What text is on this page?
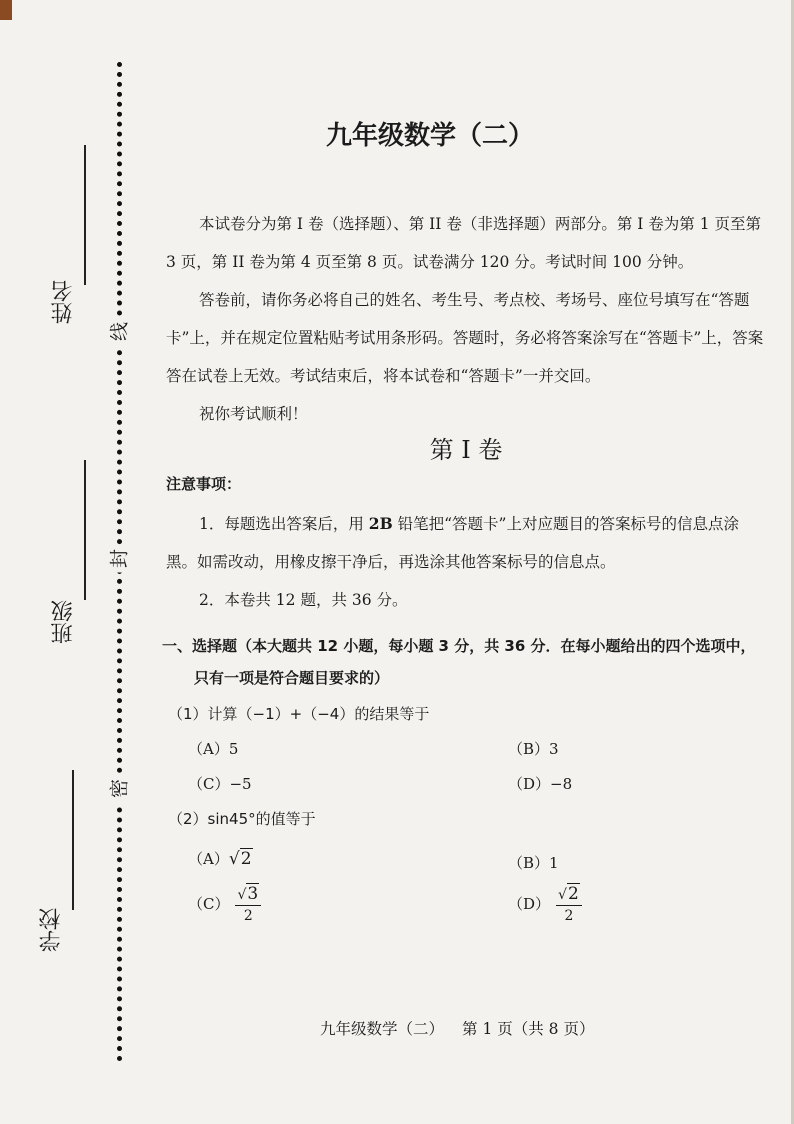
姓名
班级
学校
线
封
密
九年级数学（二）

本试卷分为第 I 卷（选择题）、第 II 卷（非选择题）两部分。第 I 卷为第 1 页至第 3 页，第 II 卷为第 4 页至第 8 页。试卷满分 120 分。考试时间 100 分钟。

答卷前，请你务必将自己的姓名、考生号、考点校、考场号、座位号填写在“答题卡”上，并在规定位置粘贴考试用条形码。答题时，务必将答案涂写在“答题卡”上，答案答在试卷上无效。考试结束后，将本试卷和“答题卡”一并交回。

祝你考试顺利！

第 I 卷
注意事项：

1．每题选出答案后，用 2B 铅笔把“答题卡”上对应题目的答案标号的信息点涂黑。如需改动，用橡皮擦干净后，再选涂其他答案标号的信息点。

2．本卷共 12 题，共 36 分。

一、选择题（本大题共 12 小题，每小题 3 分，共 36 分．在每小题给出的四个选项中，
只有一项是符合题目要求的）
（1）计算（−1）+（−4）的结果等于
（A）5	（B）3
（C）−5	（D）−8
（2）sin45°的值等于
（A）√2	（B）1
$(C) \frac{√3}{2}$	$(D) \frac{√2}{2}$
九年级数学（二） 第 1 页（共 8 页）
